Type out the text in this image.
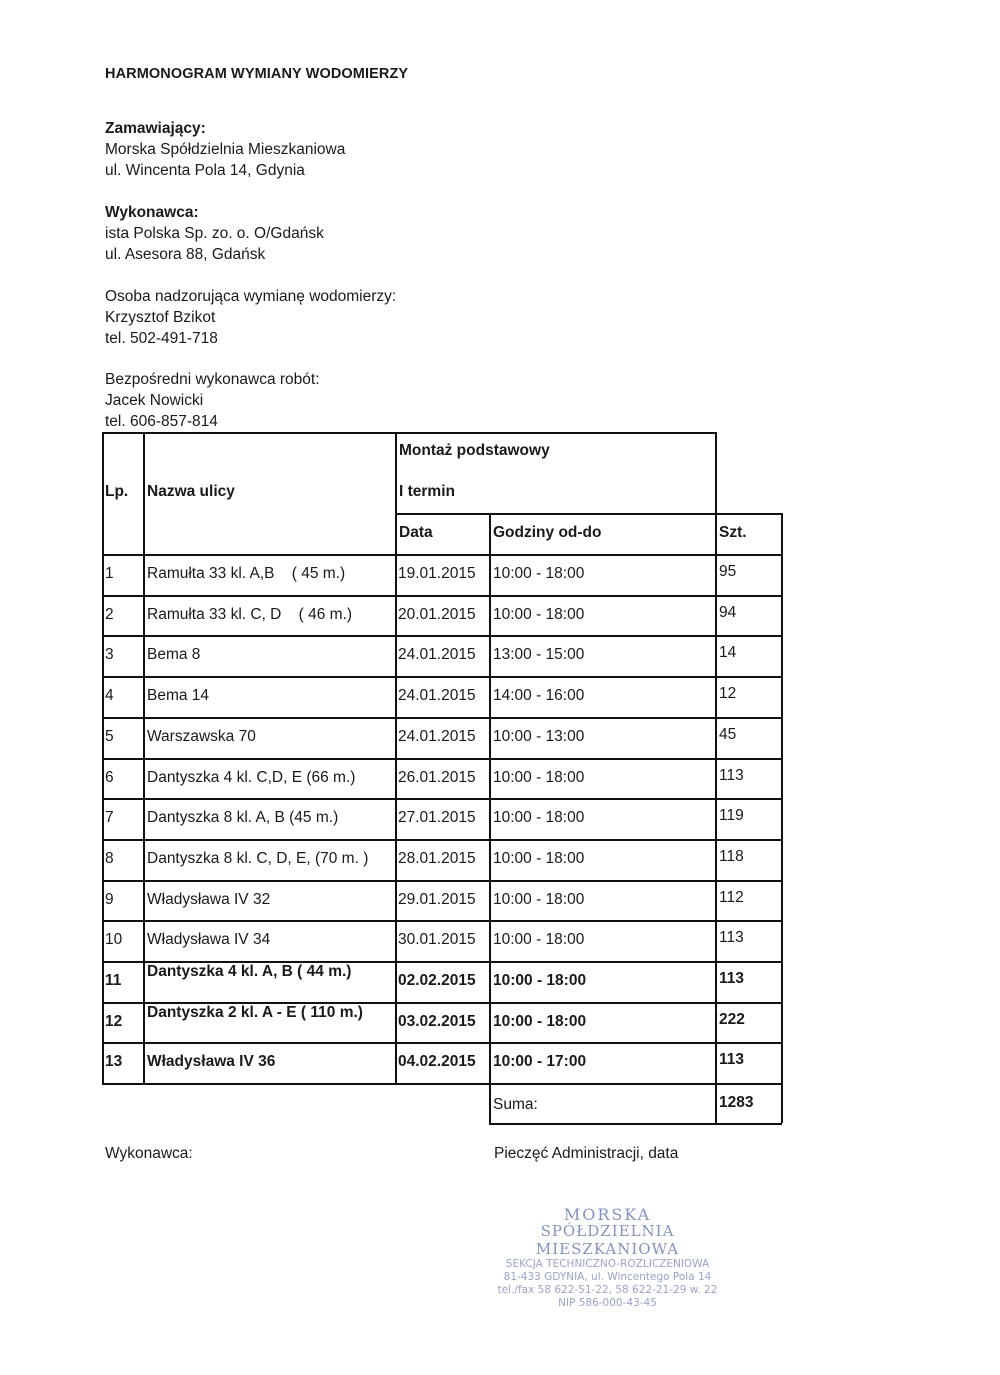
HARMONOGRAM WYMIANY WODOMIERZY
Zamawiający:
Morska Spółdzielnia Mieszkaniowa
ul. Wincenta Pola 14, Gdynia
Wykonawca:
ista Polska Sp. zo. o. O/Gdańsk
ul. Asesora 88, Gdańsk
Osoba nadzorująca wymianę wodomierzy:
Krzysztof Bzikot
tel. 502-491-718
Bezpośredni wykonawca robót:
Jacek Nowicki
tel. 606-857-814
Lp. Nazwa ulicy
Montaż podstawowy
I termin
Data	Godziny od-do	Szt.
1 Ramułta 33 kl. A,B    ( 45 m.)	19.01.2015 10:00 - 18:00	95
2 Ramułta 33 kl. C, D    ( 46 m.)	20.01.2015 10:00 - 18:00	94
3 Bema 8	24.01.2015 13:00 - 15:00	14
4 Bema 14	24.01.2015 14:00 - 16:00	12
5 Warszawska 70	24.01.2015 10:00 - 13:00	45
6 Dantyszka 4 kl. C,D, E (66 m.)	26.01.2015 10:00 - 18:00	113
7 Dantyszka 8 kl. A, B (45 m.)	27.01.2015 10:00 - 18:00	119
8 Dantyszka 8 kl. C, D, E, (70 m. ) 28.01.2015 10:00 - 18:00	118
9 Władysława IV 32	29.01.2015 10:00 - 18:00	112
10 Władysława IV 34	30.01.2015 10:00 - 18:00	113
11
Dantyszka 4 kl. A, B ( 44 m.)
02.02.2015 10:00 - 18:00	113
12
Dantyszka 2 kl. A - E ( 110 m.)
03.02.2015 10:00 - 18:00	222
13 Władysława IV 36	04.02.2015 10:00 - 17:00	113
Suma:	1283
Wykonawca:	Pieczęć Administracji, data
MORSKA
SPÓŁDZIELNIA MIESZKANIOWA
SEKCJA TECHNICZNO-ROZLICZENIOWA
81-433 GDYNIA, ul. Wincentego Pola 14
tel./fax 58 622-51-22, 58 622-21-29 w. 22
NIP 586-000-43-45
